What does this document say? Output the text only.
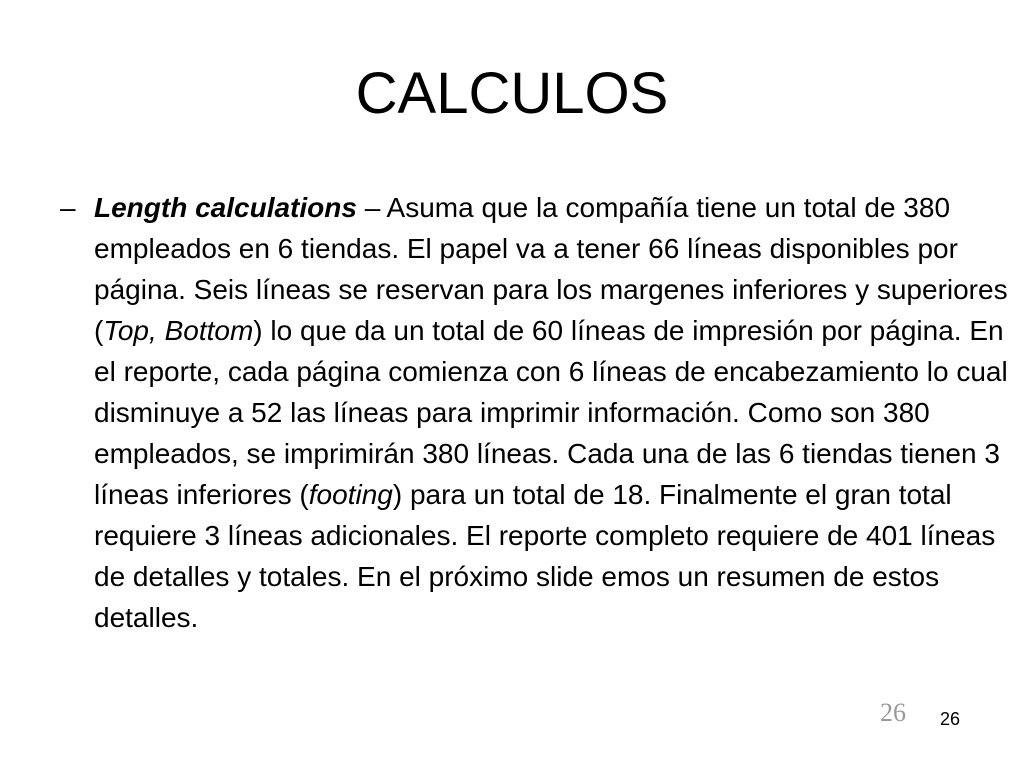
CALCULOS
– Length calculations – Asuma que la compañía tiene un total de 380 empleados en 6 tiendas. El papel va a tener 66 líneas disponibles por página. Seis líneas se reservan para los margenes inferiores y superiores (Top, Bottom) lo que da un total de 60 líneas de impresión por página. En el reporte, cada página comienza con 6 líneas de encabezamiento lo cual disminuye a 52 las líneas para imprimir información. Como son 380 empleados, se imprimirán 380 líneas. Cada una de las 6 tiendas tienen 3 líneas inferiores (footing) para un total de 18. Finalmente el gran total requiere 3 líneas adicionales. El reporte completo requiere de 401 líneas de detalles y totales. En el próximo slide emos un resumen de estos detalles.

26 26
